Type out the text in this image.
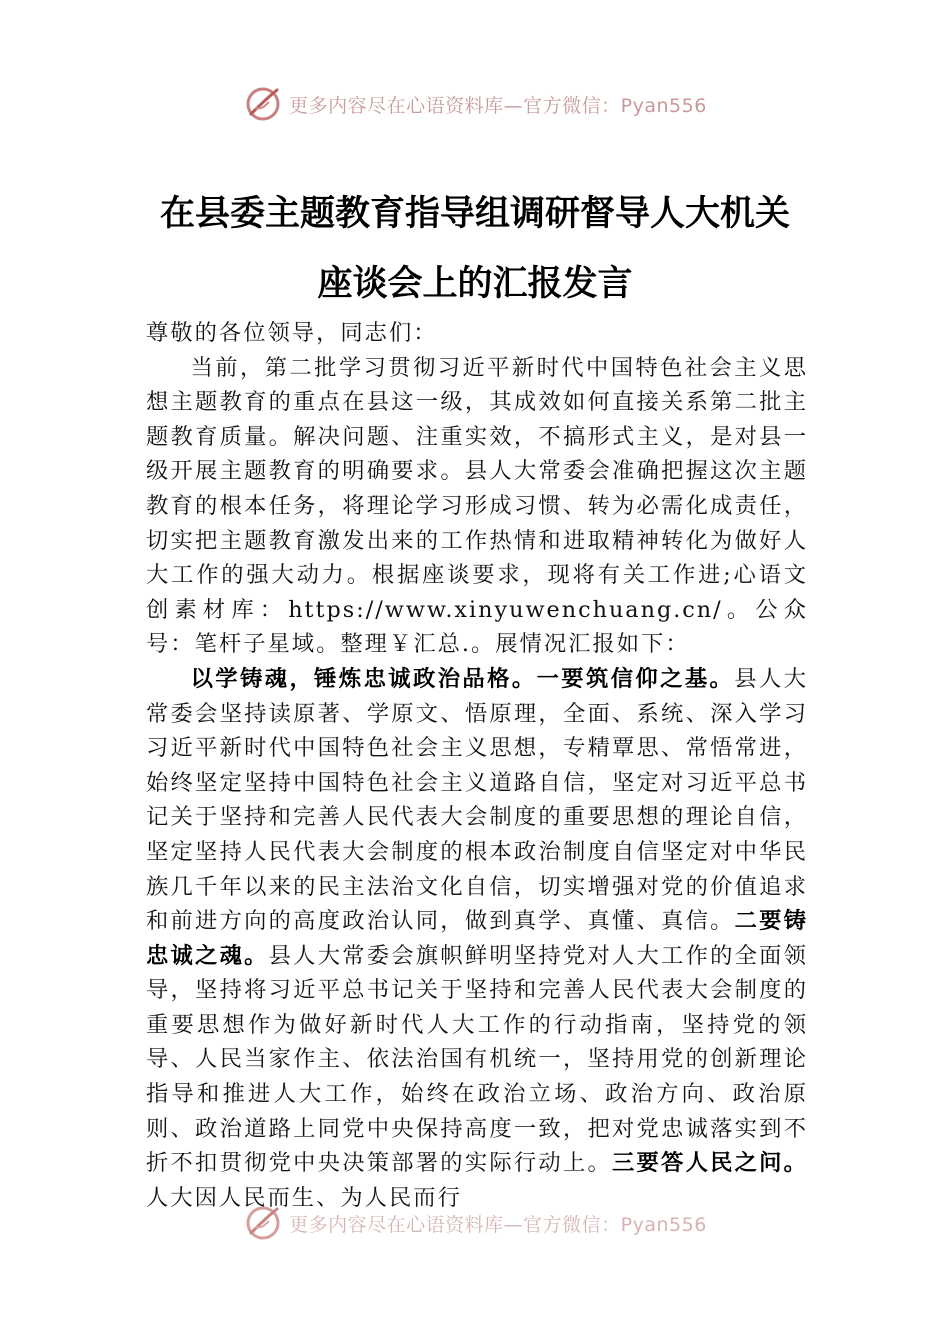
更多内容尽在心语资料库—官方微信：Pyan556
在县委主题教育指导组调研督导人大机关
座谈会上的汇报发言

尊敬的各位领导，同志们：

当前，第二批学习贯彻习近平新时代中国特色社会主义思想主题教育的重点在县这一级，其成效如何直接关系第二批主题教育质量。解决问题、注重实效，不搞形式主义，是对县一级开展主题教育的明确要求。县人大常委会准确把握这次主题教育的根本任务，将理论学习形成习惯、转为必需化成责任，切实把主题教育激发出来的工作热情和进取精神转化为做好人大工作的强大动力。根据座谈要求，现将有关工作进;心语文创素材库：https://www.xinyuwenchuang.cn/。公众号：笔杆子星域。整理￥汇总.。展情况汇报如下：

以学铸魂，锤炼忠诚政治品格。一要筑信仰之基。县人大常委会坚持读原著、学原文、悟原理，全面、系统、深入学习习近平新时代中国特色社会主义思想，专精覃思、常悟常进，始终坚定坚持中国特色社会主义道路自信，坚定对习近平总书记关于坚持和完善人民代表大会制度的重要思想的理论自信，坚定坚持人民代表大会制度的根本政治制度自信坚定对中华民族几千年以来的民主法治文化自信，切实增强对党的价值追求和前进方向的高度政治认同，做到真学、真懂、真信。二要铸忠诚之魂。县人大常委会旗帜鲜明坚持党对人大工作的全面领导，坚持将习近平总书记关于坚持和完善人民代表大会制度的重要思想作为做好新时代人大工作的行动指南，坚持党的领导、人民当家作主、依法治国有机统一，坚持用党的创新理论指导和推进人大工作，始终在政治立场、政治方向、政治原则、政治道路上同党中央保持高度一致，把对党忠诚落实到不折不扣贯彻党中央决策部署的实际行动上。三要答人民之问。人大因人民而生、为人民而行

更多内容尽在心语资料库—官方微信：Pyan556
